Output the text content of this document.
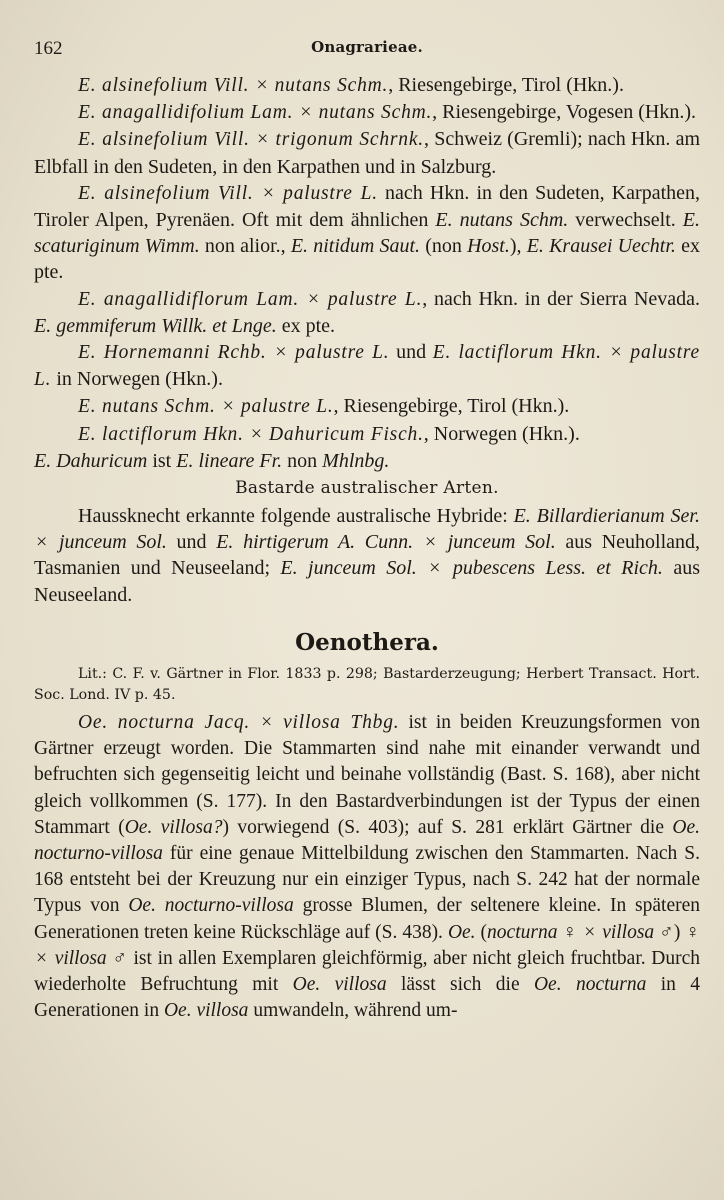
162	Onagrarieae.

E. alsinefolium Vill. × nutans Schm., Riesengebirge, Tirol (Hkn.).

E. anagallidifolium Lam. × nutans Schm., Riesengebirge, Vogesen (Hkn.).

E. alsinefolium Vill. × trigonum Schrnk., Schweiz (Gremli); nach Hkn. am Elbfall in den Sudeten, in den Karpathen und in Salzburg.

E. alsinefolium Vill. × palustre L. nach Hkn. in den Sudeten, Karpathen, Tiroler Alpen, Pyrenäen. Oft mit dem ähnlichen E. nutans Schm. verwechselt. E. scaturiginum Wimm. non alior., E. nitidum Saut. (non Host.), E. Krausei Uechtr. ex pte.

E. anagallidiflorum Lam. × palustre L., nach Hkn. in der Sierra Nevada. E. gemmiferum Willk. et Lnge. ex pte.

E. Hornemanni Rchb. × palustre L. und E. lactiflorum Hkn. × palustre L. in Norwegen (Hkn.).

E. nutans Schm. × palustre L., Riesengebirge, Tirol (Hkn.).

E. lactiflorum Hkn. × Dahuricum Fisch., Norwegen (Hkn.).

E. Dahuricum ist E. lineare Fr. non Mhlnbg.

Bastarde australischer Arten.

Haussknecht erkannte folgende australische Hybride: E. Billardierianum Ser. × junceum Sol. und E. hirtigerum A. Cunn. × junceum Sol. aus Neuholland, Tasmanien und Neuseeland; E. junceum Sol. × pubescens Less. et Rich. aus Neuseeland.

Oenothera.

Lit.: C. F. v. Gärtner in Flor. 1833 p. 298; Bastarderzeugung; Herbert Transact. Hort. Soc. Lond. IV p. 45.

Oe. nocturna Jacq. × villosa Thbg. ist in beiden Kreuzungsformen von Gärtner erzeugt worden. Die Stammarten sind nahe mit einander verwandt und befruchten sich gegenseitig leicht und beinahe vollständig (Bast. S. 168), aber nicht gleich vollkommen (S. 177). In den Bastardverbindungen ist der Typus der einen Stammart (Oe. villosa?) vorwiegend (S. 403); auf S. 281 erklärt Gärtner die Oe. nocturno-villosa für eine genaue Mittelbildung zwischen den Stammarten. Nach S. 168 entsteht bei der Kreuzung nur ein einziger Typus, nach S. 242 hat der normale Typus von Oe. nocturno-villosa grosse Blumen, der seltenere kleine. In späteren Generationen treten keine Rückschläge auf (S. 438). Oe. (nocturna ♀ × villosa ♂) ♀ × villosa ♂ ist in allen Exemplaren gleichförmig, aber nicht gleich fruchtbar. Durch wiederholte Befruchtung mit Oe. villosa lässt sich die Oe. nocturna in 4 Generationen in Oe. villosa umwandeln, während um-
